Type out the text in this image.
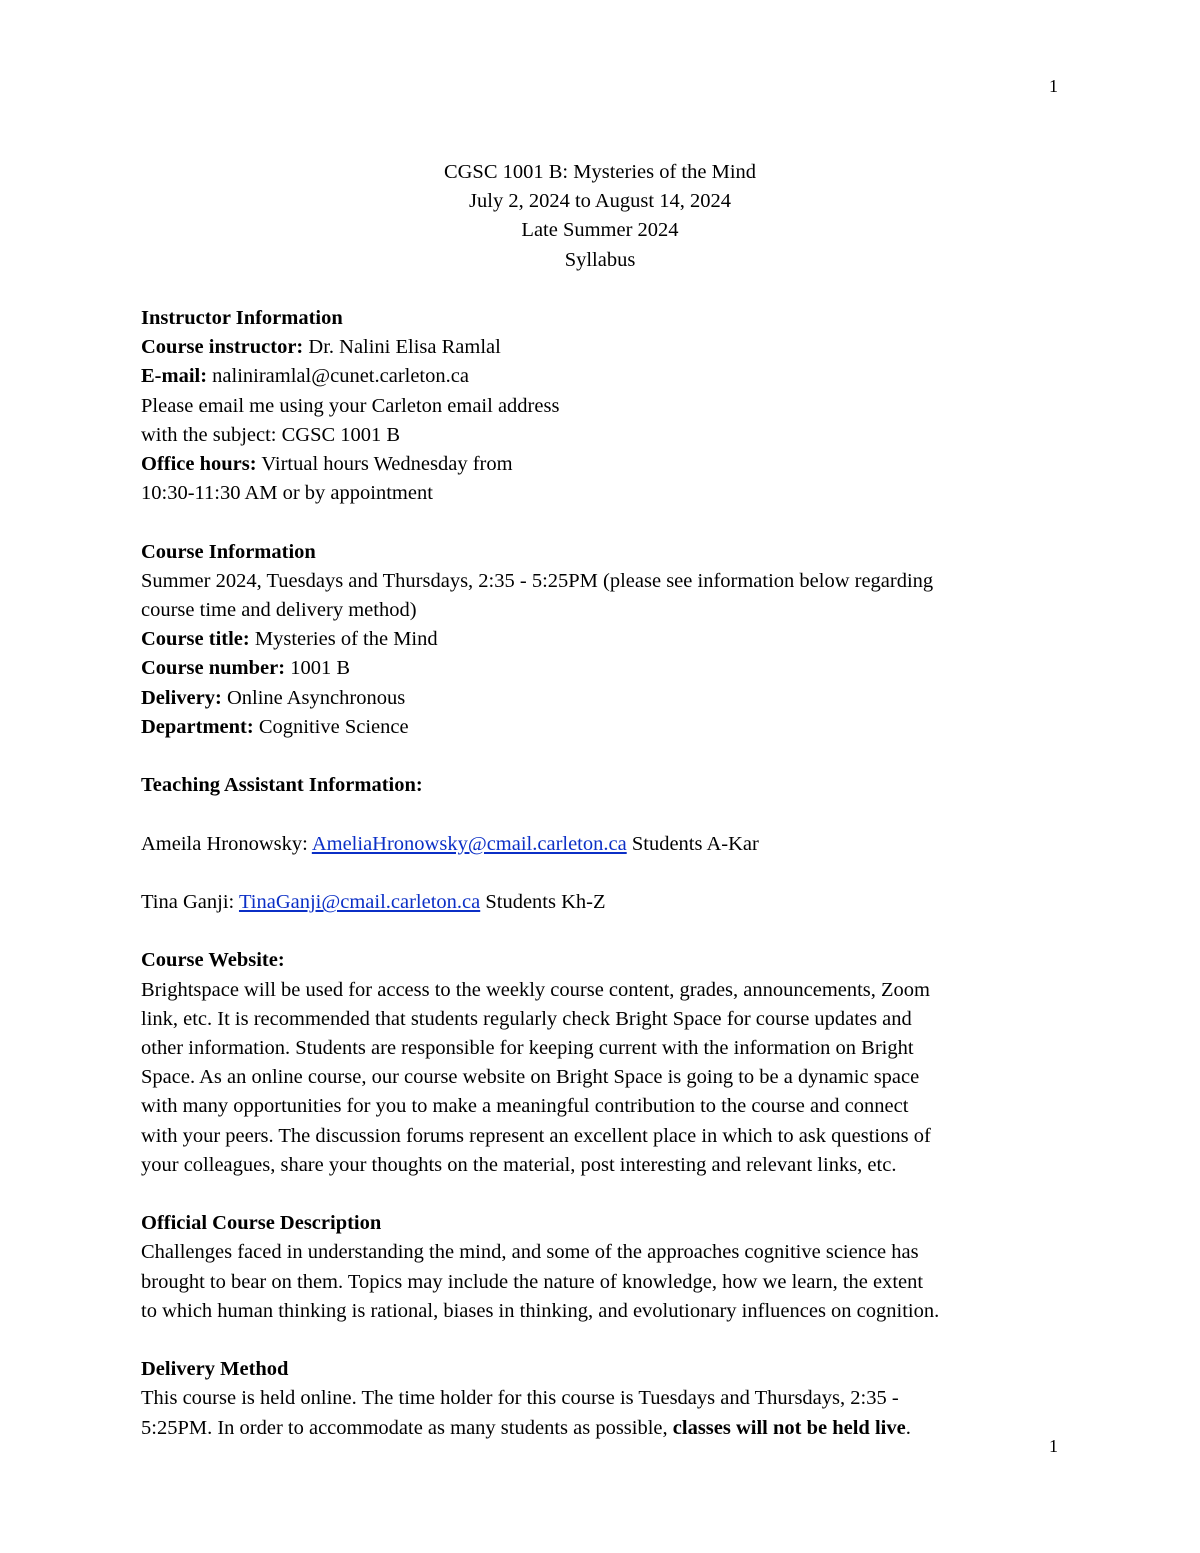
1
CGSC 1001 B: Mysteries of the Mind
July 2, 2024 to August 14, 2024
Late Summer 2024
Syllabus
Instructor Information
Course instructor: Dr. Nalini Elisa Ramlal
E-mail: naliniramlal@cunet.carleton.ca
Please email me using your Carleton email address
with the subject: CGSC 1001 B
Office hours: Virtual hours Wednesday from
10:30-11:30 AM or by appointment
Course Information
Summer 2024, Tuesdays and Thursdays, 2:35 - 5:25PM (please see information below regarding
course time and delivery method)
Course title: Mysteries of the Mind
Course number: 1001 B
Delivery: Online Asynchronous
Department: Cognitive Science
Teaching Assistant Information:
Ameila Hronowsky: AmeliaHronowsky@cmail.carleton.ca Students A-Kar
Tina Ganji: TinaGanji@cmail.carleton.ca Students Kh-Z
Course Website:
Brightspace will be used for access to the weekly course content, grades, announcements, Zoom
link, etc. It is recommended that students regularly check Bright Space for course updates and
other information. Students are responsible for keeping current with the information on Bright
Space. As an online course, our course website on Bright Space is going to be a dynamic space
with many opportunities for you to make a meaningful contribution to the course and connect
with your peers. The discussion forums represent an excellent place in which to ask questions of
your colleagues, share your thoughts on the material, post interesting and relevant links, etc.
Official Course Description
Challenges faced in understanding the mind, and some of the approaches cognitive science has
brought to bear on them. Topics may include the nature of knowledge, how we learn, the extent
to which human thinking is rational, biases in thinking, and evolutionary influences on cognition.
Delivery Method
This course is held online. The time holder for this course is Tuesdays and Thursdays, 2:35 -
5:25PM. In order to accommodate as many students as possible, classes will not be held live.
1
